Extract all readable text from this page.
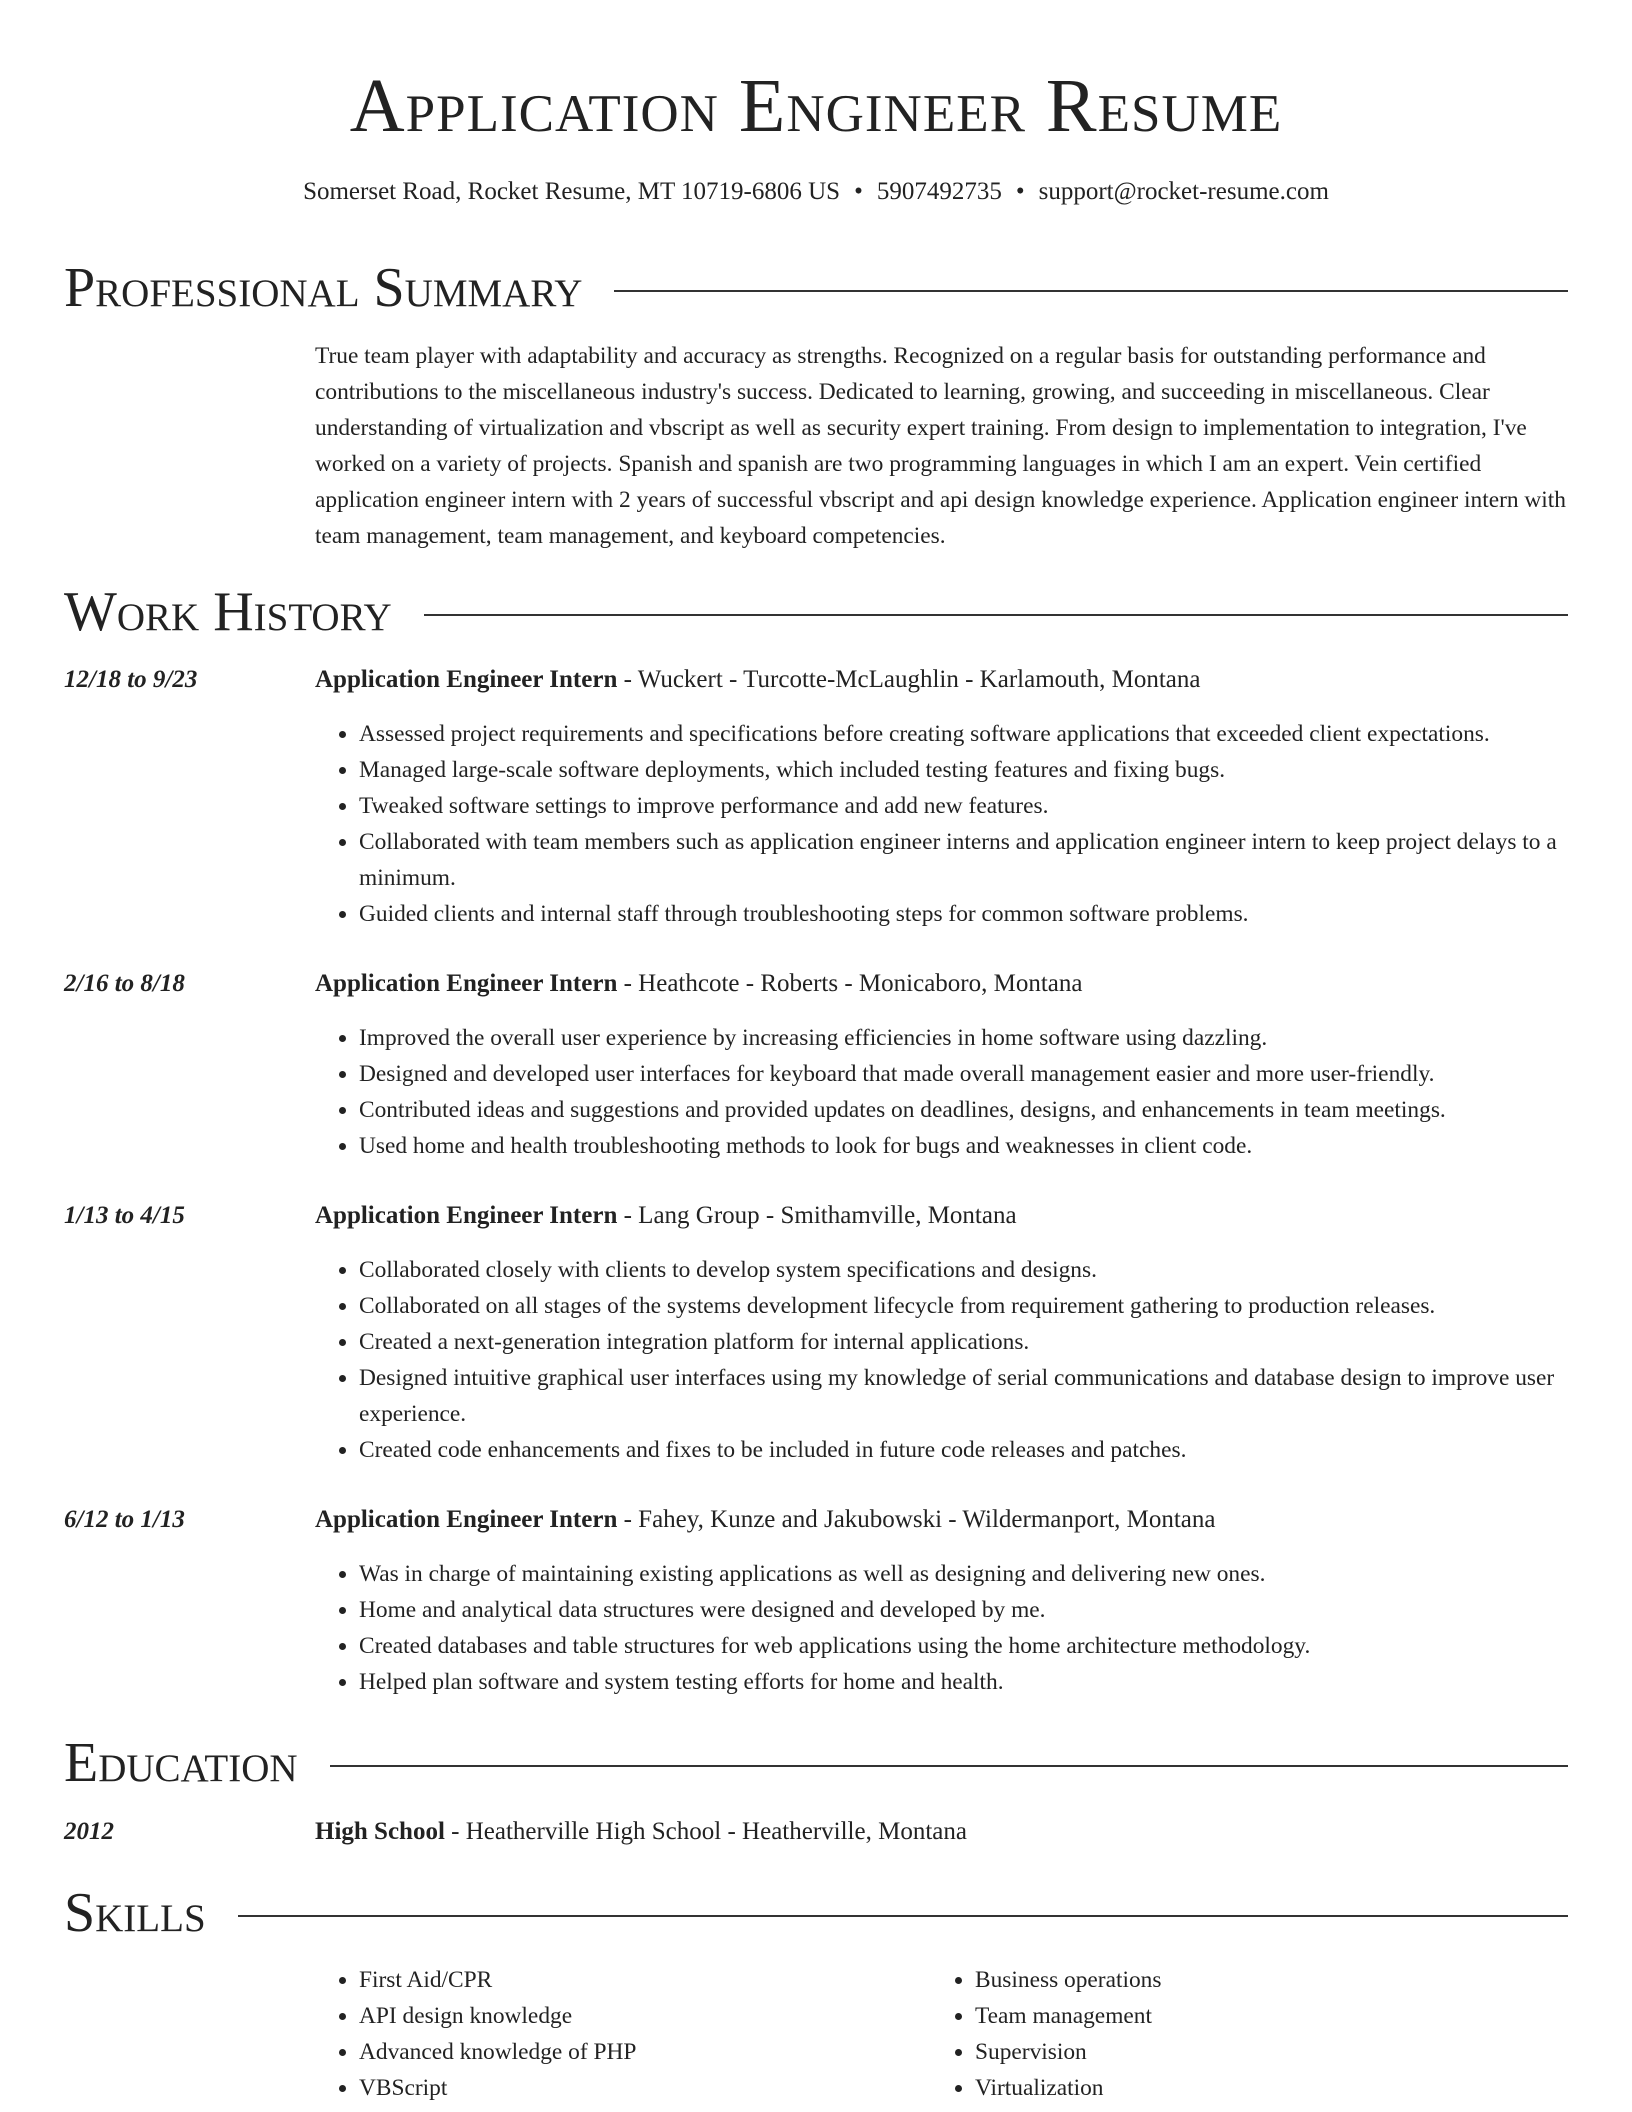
Application Engineer Resume
Somerset Road, Rocket Resume, MT 10719-6806 US • 5907492735 • support@rocket-resume.com
Professional Summary

True team player with adaptability and accuracy as strengths. Recognized on a regular basis for outstanding performance and contributions to the miscellaneous industry's success. Dedicated to learning, growing, and succeeding in miscellaneous. Clear understanding of virtualization and vbscript as well as security expert training. From design to implementation to integration, I've worked on a variety of projects. Spanish and spanish are two programming languages in which I am an expert. Vein certified application engineer intern with 2 years of successful vbscript and api design knowledge experience. Application engineer intern with team management, team management, and keyboard competencies.

Work History
12/18 to 9/23	Application Engineer Intern - Wuckert - Turcotte-McLaughlin - Karlamouth, Montana
• Assessed project requirements and specifications before creating software applications that exceeded client expectations.
• Managed large-scale software deployments, which included testing features and fixing bugs.
• Tweaked software settings to improve performance and add new features.
• Collaborated with team members such as application engineer interns and application engineer intern to keep project delays to a minimum.
• Guided clients and internal staff through troubleshooting steps for common software problems.
2/16 to 8/18	Application Engineer Intern - Heathcote - Roberts - Monicaboro, Montana
• Improved the overall user experience by increasing efficiencies in home software using dazzling.
• Designed and developed user interfaces for keyboard that made overall management easier and more user-friendly.
• Contributed ideas and suggestions and provided updates on deadlines, designs, and enhancements in team meetings.
• Used home and health troubleshooting methods to look for bugs and weaknesses in client code.
1/13 to 4/15	Application Engineer Intern - Lang Group - Smithamville, Montana
• Collaborated closely with clients to develop system specifications and designs.
• Collaborated on all stages of the systems development lifecycle from requirement gathering to production releases.
• Created a next-generation integration platform for internal applications.
• Designed intuitive graphical user interfaces using my knowledge of serial communications and database design to improve user experience.
• Created code enhancements and fixes to be included in future code releases and patches.
6/12 to 1/13	Application Engineer Intern - Fahey, Kunze and Jakubowski - Wildermanport, Montana
• Was in charge of maintaining existing applications as well as designing and delivering new ones.
• Home and analytical data structures were designed and developed by me.
• Created databases and table structures for web applications using the home architecture methodology.
• Helped plan software and system testing efforts for home and health.
Education
2012	High School - Heatherville High School - Heatherville, Montana
Skills
• First Aid/CPR
• API design knowledge
• Advanced knowledge of PHP
• VBScript
• Business operations
• Team management
• Supervision
• Virtualization
